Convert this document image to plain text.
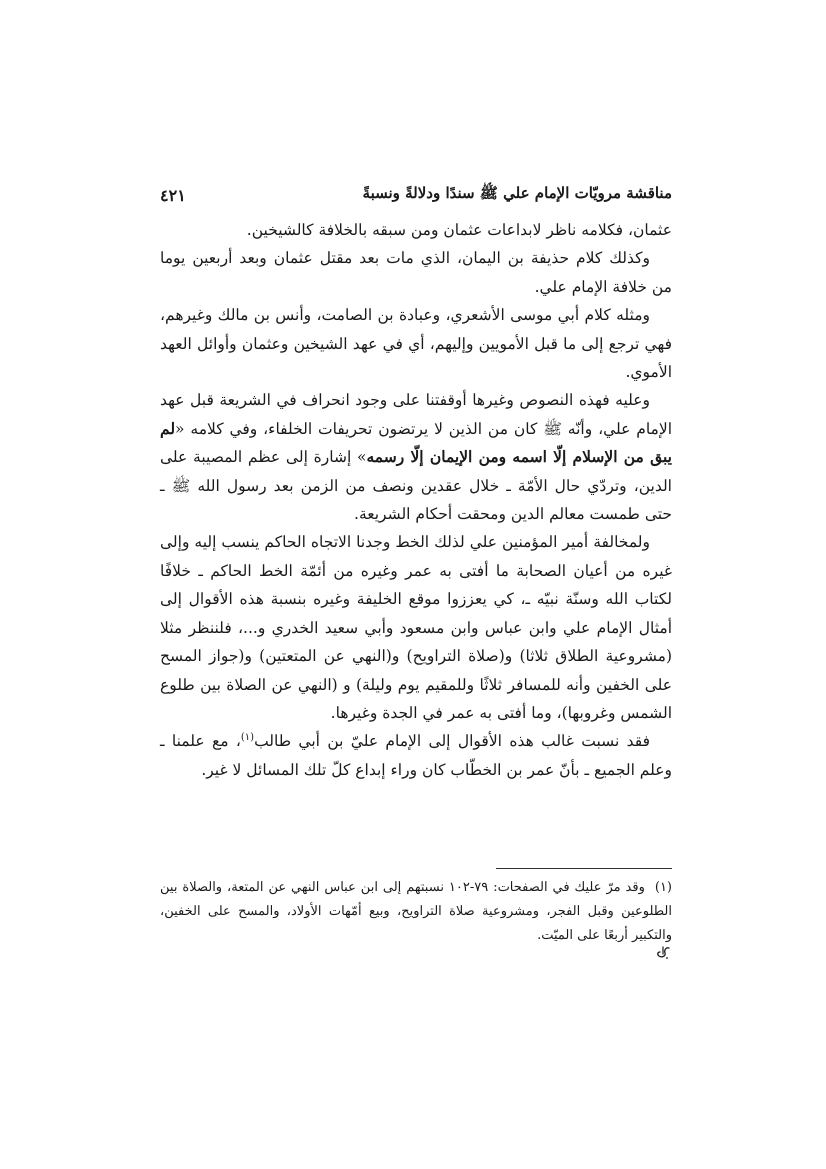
مناقشة مرويّات الإمام علي ﷺ سندًا ودلالةً ونسبةً
٤٢١

عثمان، فكلامه ناظر لابداعات عثمان ومن سبقه بالخلافة كالشيخين.

وكذلك كلام حذيفة بن اليمان، الذي مات بعد مقتل عثمان وبعد أربعين يوما من خلافة الإمام علي.

ومثله كلام أبي موسى الأشعري، وعبادة بن الصامت، وأنس بن مالك وغيرهم، فهي ترجع إلى ما قبل الأمويين وإليهم، أي في عهد الشيخين وعثمان وأوائل العهد الأموي.

وعليه فهذه النصوص وغيرها أوقفتنا على وجود انحراف في الشريعة قبل عهد الإمام علي، وأنّه ﷺ كان من الذين لا يرتضون تحريفات الخلفاء، وفي كلامه «لم يبق من الإسلام إلّا اسمه ومن الإيمان إلّا رسمه» إشارة إلى عظم المصيبة على الدين، وتردّي حال الأمّة ـ خلال عقدين ونصف من الزمن بعد رسول الله ﷺ ـ حتى طمست معالم الدين ومحقت أحكام الشريعة.

ولمخالفة أمير المؤمنين علي لذلك الخط وجدنا الاتجاه الحاكم ينسب إليه وإلى غيره من أعيان الصحابة ما أفتى به عمر وغيره من أئمّة الخط الحاكم ـ خلافًا لكتاب الله وسنّة نبيّه ـ، كي يعززوا موقع الخليفة وغيره بنسبة هذه الأقوال إلى أمثال الإمام علي وابن عباس وابن مسعود وأبي سعيد الخدري و...، فلننظر مثلا (مشروعية الطلاق ثلاثا) و(صلاة التراويح) و(النهي عن المتعتين) و(جواز المسح على الخفين وأنه للمسافر ثلاثًا وللمقيم يوم وليلة) و (النهي عن الصلاة بين طلوع الشمس وغروبها)، وما أفتى به عمر في الجدة وغيرها.

فقد نسبت غالب هذه الأقوال إلى الإمام عليّ بن أبي طالب$^{(١)}$، مع علمنا ـ وعلم الجميع ـ بأنّ عمر بن الخطّاب كان وراء إبداع كلّ تلك المسائل لا غير.

(١)وقد مرّ عليك في الصفحات: ٧٩-١٠٢ نسبتهم إلى ابن عباس النهي عن المتعة، والصلاة بين الطلوعين وقبل الفجر، ومشروعية صلاة التراويح، وبيع أمّهات الأولاد، والمسح على الخفين، والتكبير أربعًا على الميّت.
